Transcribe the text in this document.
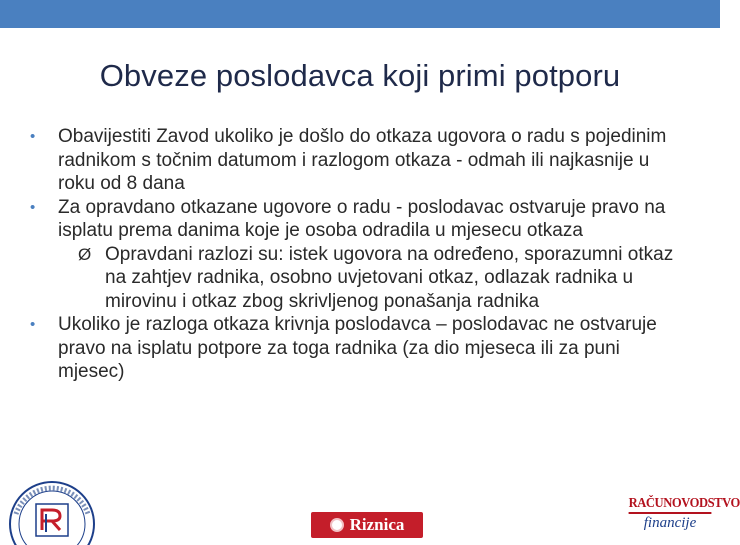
Obveze poslodavca koji primi potporu

•	Obavijestiti Zavod ukoliko je došlo do otkaza ugovora o radu s pojedinim radnikom s točnim datumom i razlogom otkaza - odmah ili najkasnije u roku od 8 dana

•	Za opravdano otkazane ugovore o radu - poslodavac ostvaruje pravo na isplatu prema danima koje je osoba odradila u mjesecu otkaza

Ø Opravdani razlozi su: istek ugovora na određeno, sporazumni otkaz na zahtjev radnika, osobno uvjetovani otkaz, odlazak radnika u mirovinu i otkaz zbog skrivljenog ponašanja radnika

•	Ukoliko je razloga otkaza krivnja poslodavca – poslodavac ne ostvaruje pravo na isplatu potpore za toga radnika (za dio mjeseca ili za puni mjesec)

Riznica
RAČUNOVODSTVO
financije
